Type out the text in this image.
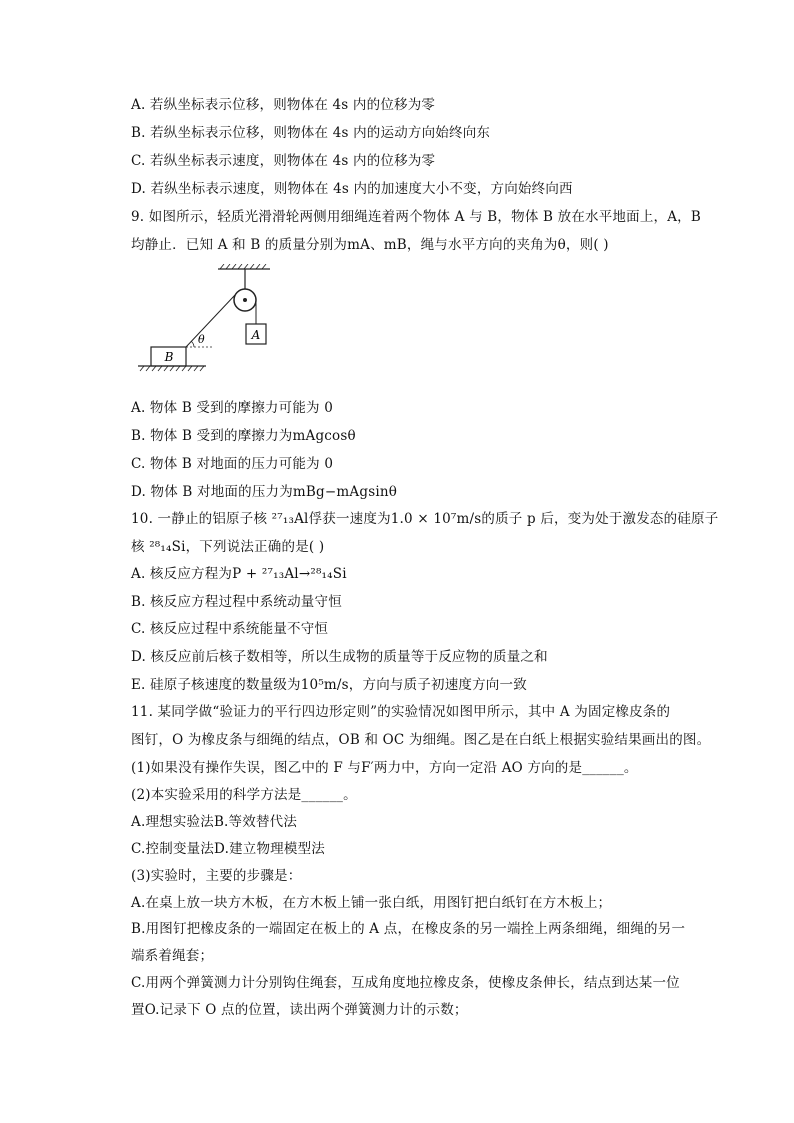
A. 若纵坐标表示位移，则物体在 4s 内的位移为零
B. 若纵坐标表示位移，则物体在 4s 内的运动方向始终向东
C. 若纵坐标表示速度，则物体在 4s 内的位移为零
D. 若纵坐标表示速度，则物体在 4s 内的加速度大小不变，方向始终向西
9. 如图所示，轻质光滑滑轮两侧用细绳连着两个物体 A 与 B，物体 B 放在水平地面上，A，B
均静止．已知 A 和 B 的质量分别为mA、mB，绳与水平方向的夹角为θ，则( )
A
θ
B
A. 物体 B 受到的摩擦力可能为 0
B. 物体 B 受到的摩擦力为mAgcosθ
C. 物体 B 对地面的压力可能为 0
D. 物体 B 对地面的压力为mBg−mAgsinθ
10. 一静止的铝原子核 ²⁷₁₃Al俘获一速度为1.0 × 10⁷m/s的质子 p 后，变为处于激发态的硅原子
核 ²⁸₁₄Si，下列说法正确的是( )
A. 核反应方程为P + ²⁷₁₃Al→²⁸₁₄Si
B. 核反应方程过程中系统动量守恒
C. 核反应过程中系统能量不守恒
D. 核反应前后核子数相等，所以生成物的质量等于反应物的质量之和
E. 硅原子核速度的数量级为10⁵m/s，方向与质子初速度方向一致
11. 某同学做“验证力的平行四边形定则”的实验情况如图甲所示，其中 A 为固定橡皮条的
图钉，O 为橡皮条与细绳的结点，OB 和 OC 为细绳。图乙是在白纸上根据实验结果画出的图。
(1)如果没有操作失误，图乙中的 F 与F′两力中，方向一定沿 AO 方向的是______。
(2)本实验采用的科学方法是______。
A.理想实验法B.等效替代法
C.控制变量法D.建立物理模型法
(3)实验时，主要的步骤是：
A.在桌上放一块方木板，在方木板上铺一张白纸，用图钉把白纸钉在方木板上；
B.用图钉把橡皮条的一端固定在板上的 A 点，在橡皮条的另一端拴上两条细绳，细绳的另一
端系着绳套；
C.用两个弹簧测力计分别钩住绳套，互成角度地拉橡皮条，使橡皮条伸长，结点到达某一位
置O.记录下 O 点的位置，读出两个弹簧测力计的示数；
